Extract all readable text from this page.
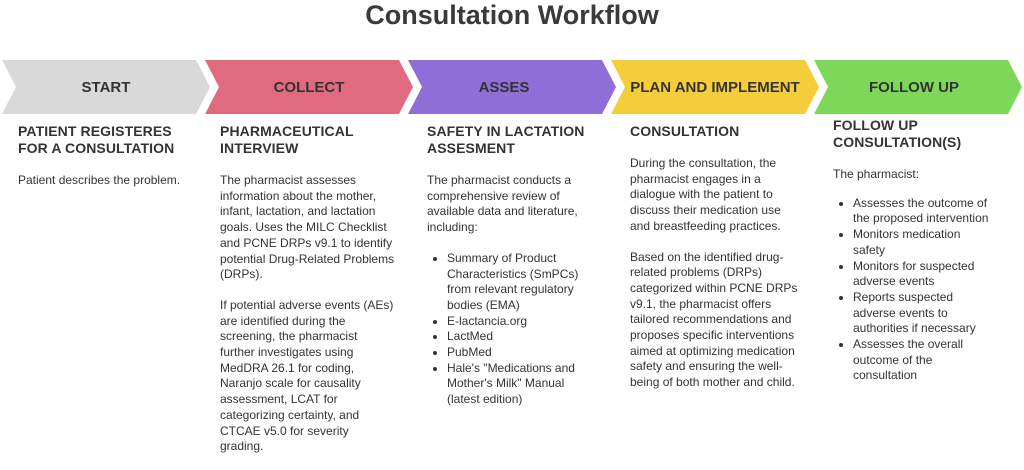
Consultation Workflow
START	COLLECT	ASSES	PLAN AND IMPLEMENT	FOLLOW UP
PATIENT REGISTERES FOR A CONSULTATION
Patient describes the problem.
PHARMACEUTICAL INTERVIEW
The pharmacist assesses information about the mother, infant, lactation, and lactation goals. Uses the MILC Checklist and PCNE DRPs v9.1 to identify potential Drug-Related Problems (DRPs).
If potential adverse events (AEs) are identified during the screening, the pharmacist further investigates using MedDRA 26.1 for coding, Naranjo scale for causality assessment, LCAT for categorizing certainty, and CTCAE v5.0 for severity grading.
SAFETY IN LACTATION ASSESMENT
The pharmacist conducts a comprehensive review of available data and literature, including:
• Summary of Product Characteristics (SmPCs) from relevant regulatory bodies (EMA)
• E-lactancia.org
• LactMed
• PubMed
• Hale's "Medications and Mother's Milk" Manual (latest edition)
CONSULTATION
During the consultation, the pharmacist engages in a dialogue with the patient to discuss their medication use and breastfeeding practices.
Based on the identified drug-related problems (DRPs) categorized within PCNE DRPs v9.1, the pharmacist offers tailored recommendations and proposes specific interventions aimed at optimizing medication safety and ensuring the well-being of both mother and child.
FOLLOW UP CONSULTATION(S)
The pharmacist:
• Assesses the outcome of the proposed intervention
• Monitors medication safety
• Monitors for suspected adverse events
• Reports suspected adverse events to authorities if necessary
• Assesses the overall outcome of the consultation
